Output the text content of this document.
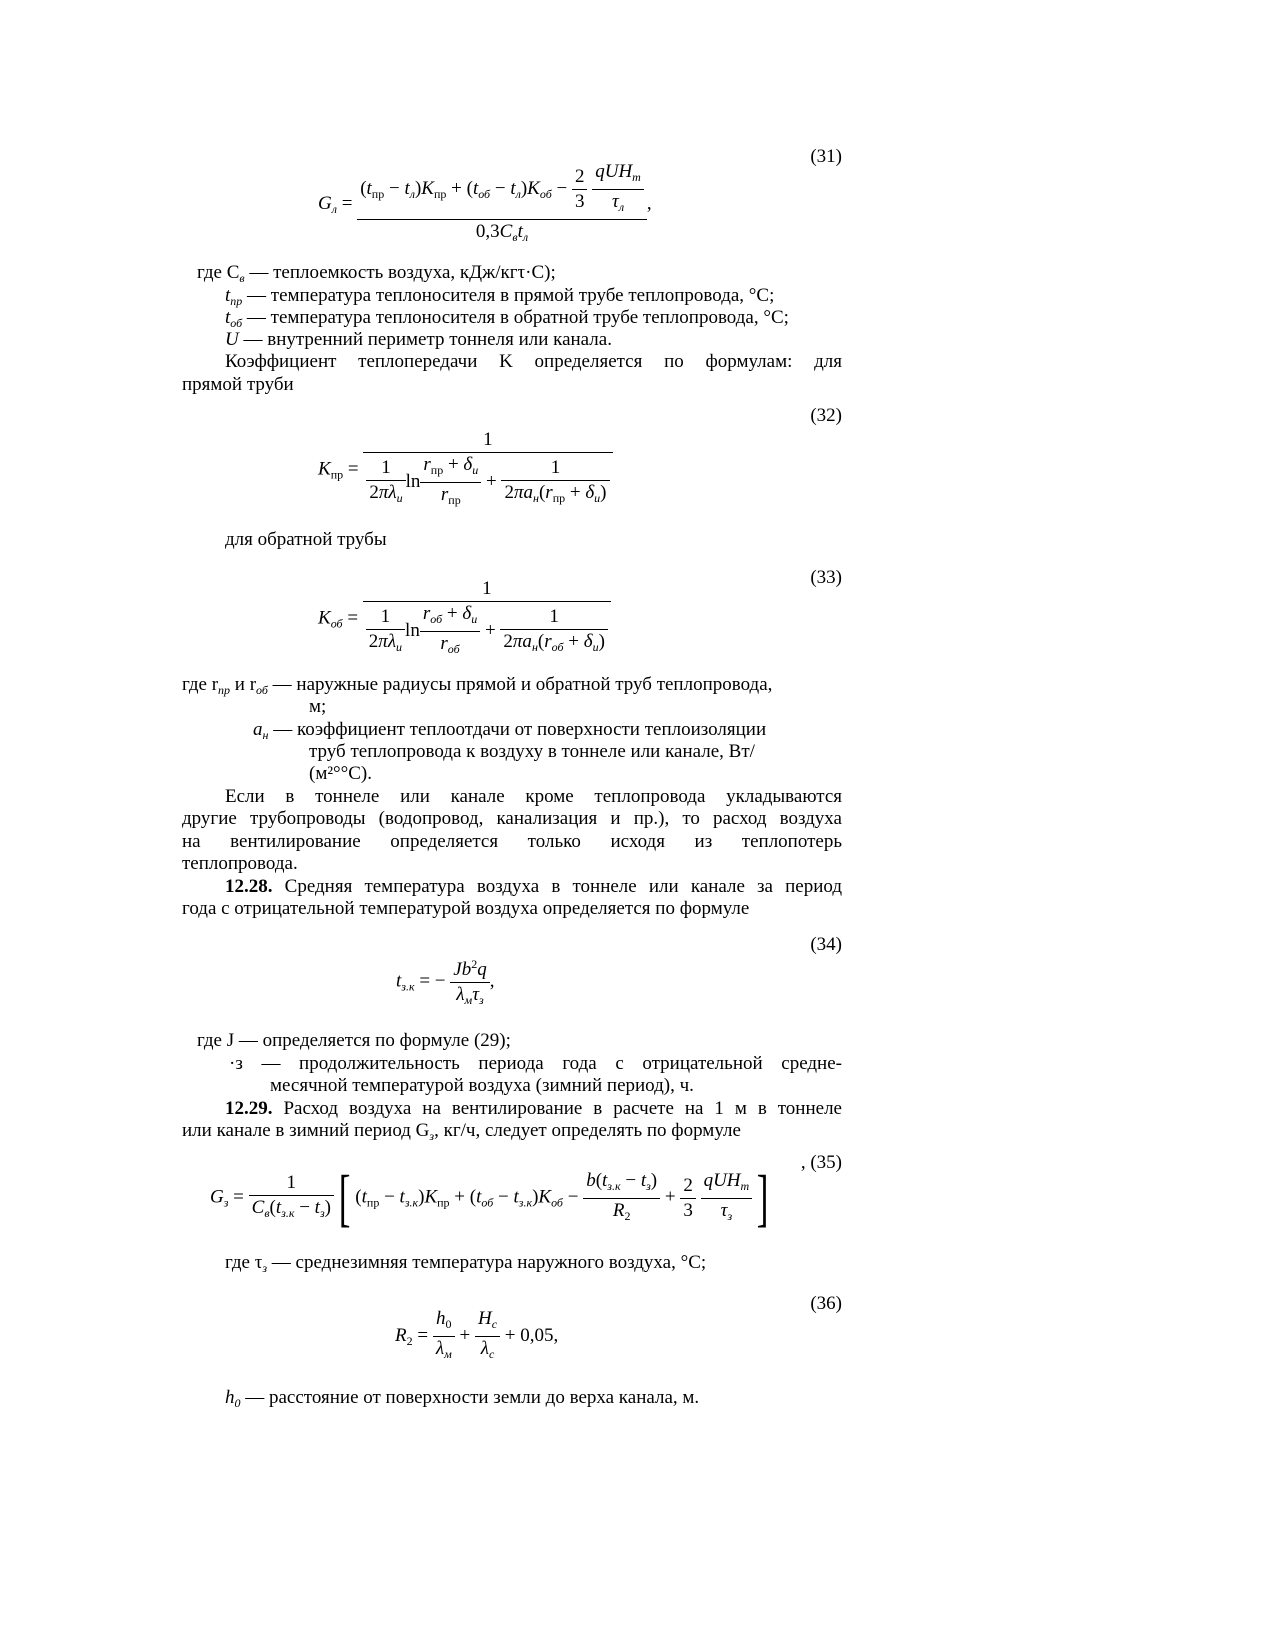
(31)
$G_л = (t_{пр} - t_л)K_{пр} + (t_{об} - t_л)K_{об} - \frac{2}{3}$
$\frac{qUH_т}{\tau_л}$
$0,3C_вt_л$ ,
где $C_в$ — теплоемкость воздуха, кДж/кгτ·С);
$t_{пр}$ — температура теплоносителя в прямой трубе теплопровода, °С;
$t_{об}$ — температура теплоносителя в обратной трубе теплопровода, °С;
U — внутренний периметр тоннеля или канала.
Коэффициент теплопередачи K определяется по формулам: для
прямой труби
(32)
$K_{пр} = \frac{1}{\frac{1}{2\pi\lambda_и} \ln \frac{r_{пр} + \delta_и}{r_{пр}} + \frac{1}{2\pi a_н(r_{пр} + \delta_и)}}$
для обратной трубы
(33)
$K_{об} = \frac{1}{\frac{1}{2\pi\lambda_и} \ln \frac{r_{об} + \delta_и}{r_{об}} + \frac{1}{2\pi a_н(r_{об} + \delta_и)}}$
где $r_{пр}$ и $r_{об}$ — наружные радиусы прямой и обратной труб теплопровода,
м;
$a_н$ — коэффициент теплоотдачи от поверхности теплоизоляции
труб теплопровода к воздуху в тоннеле или канале, Вт/
(м²°°С).
Если в тоннеле или канале кроме теплопровода укладываются
другие трубопроводы (водопровод, канализация и пр.), то расход воздуха
на вентилирование определяется только исходя из теплопотерь
теплопровода.
12.28. Средняя температура воздуха в тоннеле или канале за период
года с отрицательной температурой воздуха определяется по формуле
(34)
$t_{з.к}$ = − $\frac{Jb^2q}{\lambda_м\tau_з}$ ,
где J — определяется по формуле (29);
·з — продолжительность периода года с отрицательной средне-
месячной температурой воздуха (зимний период), ч.
12.29. Расход воздуха на вентилирование в расчете на 1 м в тоннеле
или канале в зимний период $G_з$, кг/ч, следует определять по формуле
, (35)
$G_з = \frac{1}{C_в(t_{з.к} - t_з)}$ [ $(t_{пр} - t_{з.к})K_{пр} + (t_{об} - t_{з.к})K_{об} - \frac{b(t_{з.к} - t_з)}{R_2} + \frac{2}{3}$
$\frac{qUH_т}{\tau_з}$ ]
где $\tau_з$ — среднезимняя температура наружного воздуха, °С;
(36)
$R_2 = \frac{h_0}{\lambda_м} + \frac{H_с}{\lambda_с} + 0,05$,
$h_0$ — расстояние от поверхности земли до верха канала, м.
